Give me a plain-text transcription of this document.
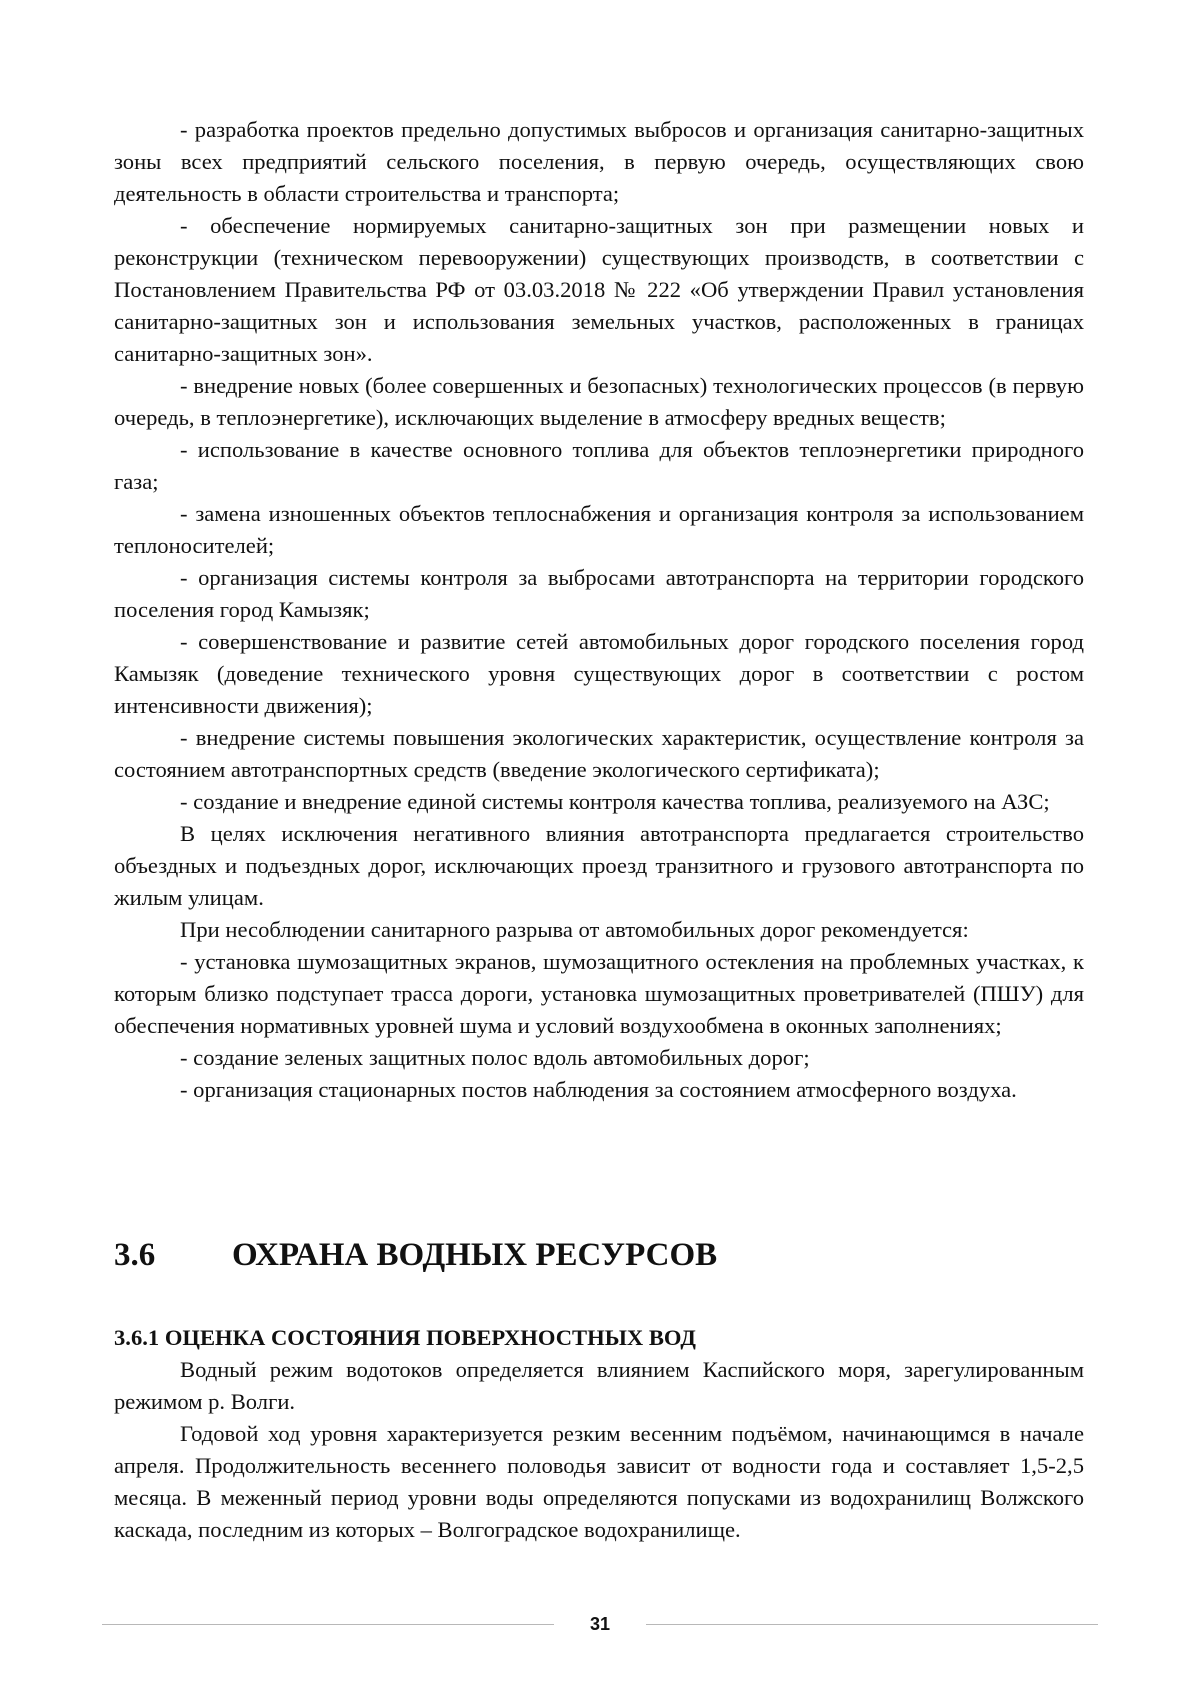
- разработка проектов предельно допустимых выбросов и организация санитарно-защитных зоны всех предприятий сельского поселения, в первую очередь, осуществляющих свою деятельность в области строительства и транспорта;

- обеспечение нормируемых санитарно-защитных зон при размещении новых и реконструкции (техническом перевооружении) существующих производств, в соответствии с Постановлением Правительства РФ от 03.03.2018 № 222 «Об утверждении Правил установления санитарно-защитных зон и использования земельных участков, расположенных в границах санитарно-защитных зон».

- внедрение новых (более совершенных и безопасных) технологических процессов (в первую очередь, в теплоэнергетике), исключающих выделение в атмосферу вредных веществ;

- использование в качестве основного топлива для объектов теплоэнергетики природного газа;

- замена изношенных объектов теплоснабжения и организация контроля за использованием теплоносителей;

- организация системы контроля за выбросами автотранспорта на территории городского поселения город Камызяк;

- совершенствование и развитие сетей автомобильных дорог городского поселения город Камызяк (доведение технического уровня существующих дорог в соответствии с ростом интенсивности движения);

- внедрение системы повышения экологических характеристик, осуществление контроля за состоянием автотранспортных средств (введение экологического сертификата);

- создание и внедрение единой системы контроля качества топлива, реализуемого на АЗС;

В целях исключения негативного влияния автотранспорта предлагается строительство объездных и подъездных дорог, исключающих проезд транзитного и грузового автотранспорта по жилым улицам.

При несоблюдении санитарного разрыва от автомобильных дорог рекомендуется:

- установка шумозащитных экранов, шумозащитного остекления на проблемных участках, к которым близко подступает трасса дороги, установка шумозащитных проветривателей (ПШУ) для обеспечения нормативных уровней шума и условий воздухообмена в оконных заполнениях;

- создание зеленых защитных полос вдоль автомобильных дорог;

- организация стационарных постов наблюдения за состоянием атмосферного воздуха.

3.6 ОХРАНА ВОДНЫХ РЕСУРСОВ
3.6.1 ОЦЕНКА СОСТОЯНИЯ ПОВЕРХНОСТНЫХ ВОД

Водный режим водотоков определяется влиянием Каспийского моря, зарегулированным режимом р. Волги.

Годовой ход уровня характеризуется резким весенним подъёмом, начинающимся в начале апреля. Продолжительность весеннего половодья зависит от водности года и составляет 1,5-2,5 месяца. В меженный период уровни воды определяются попусками из водохранилищ Волжского каскада, последним из которых – Волгоградское водохранилище.

31
